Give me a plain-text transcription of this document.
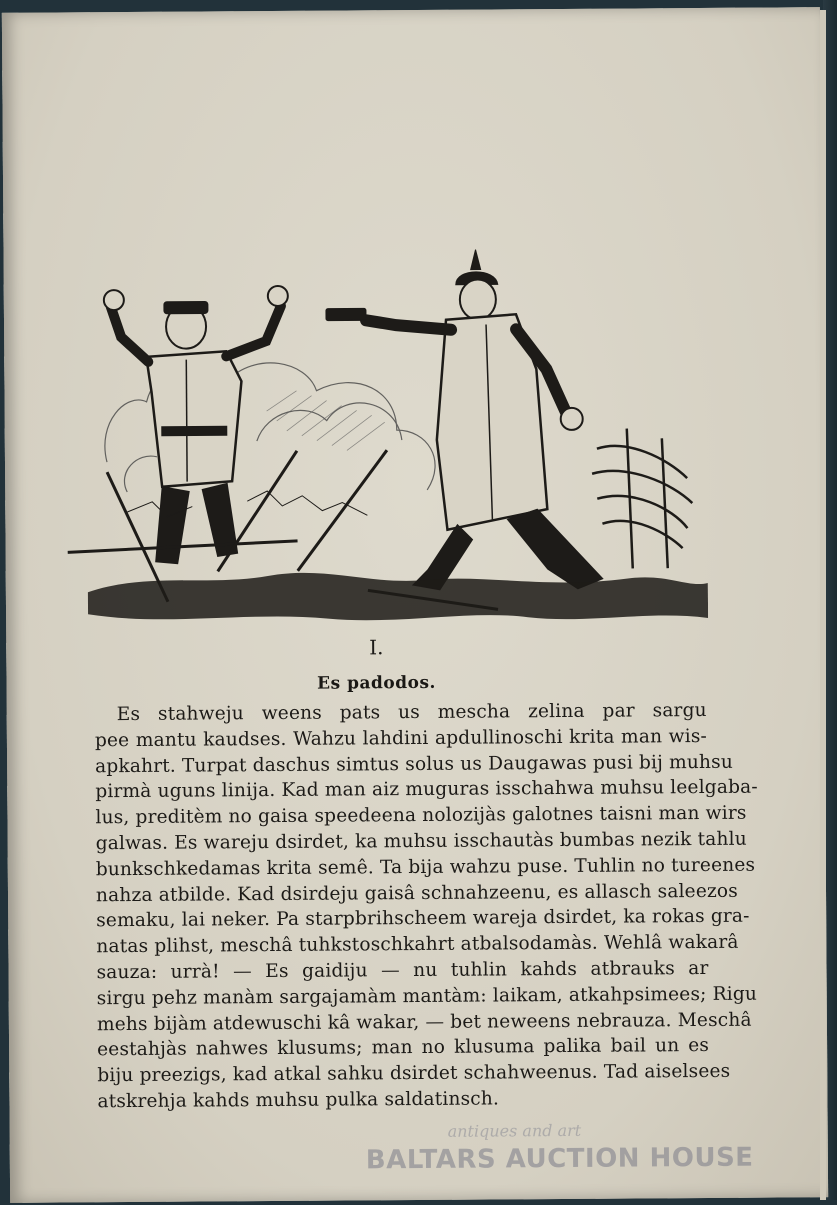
I.
Es padodos.
Es stahweju weens pats us mescha zelina par sargu
pee mantu kaudses. Wahzu lahdini apdullinoschi krita man wis-
apkahrt. Turpat daschus simtus solus us Daugawas pusi bij muhsu
pirmà uguns linija. Kad man aiz muguras isschahwa muhsu leelgaba-
lus, preditèm no gaisa speedeena nolozijàs galotnes taisni man wirs
galwas. Es wareju dsirdet, ka muhsu isschautàs bumbas nezik tahlu
bunkschkedamas krita semê. Ta bija wahzu puse. Tuhlin no tureenes
nahza atbilde. Kad dsirdeju gaisâ schnahzeenu, es allasch saleezos
semaku, lai neker. Pa starpbrihscheem wareja dsirdet, ka rokas gra-
natas plihst, meschâ tuhkstoschkahrt atbalsodamàs. Wehlâ wakarâ
sauza: urrà! — Es gaidiju — nu tuhlin kahds atbrauks ar
sirgu pehz manàm sargajamàm mantàm: laikam, atkahpsimees; Rigu
mehs bijàm atdewuschi kâ wakar, — bet neweens nebrauza. Meschâ
eestahjàs nahwes klusums; man no klusuma palika bail un es
biju preezigs, kad atkal sahku dsirdet schahweenus. Tad aiselsees
atskrehja kahds muhsu pulka saldatinsch.
antiques and art
BALTARS AUCTION HOUSE
